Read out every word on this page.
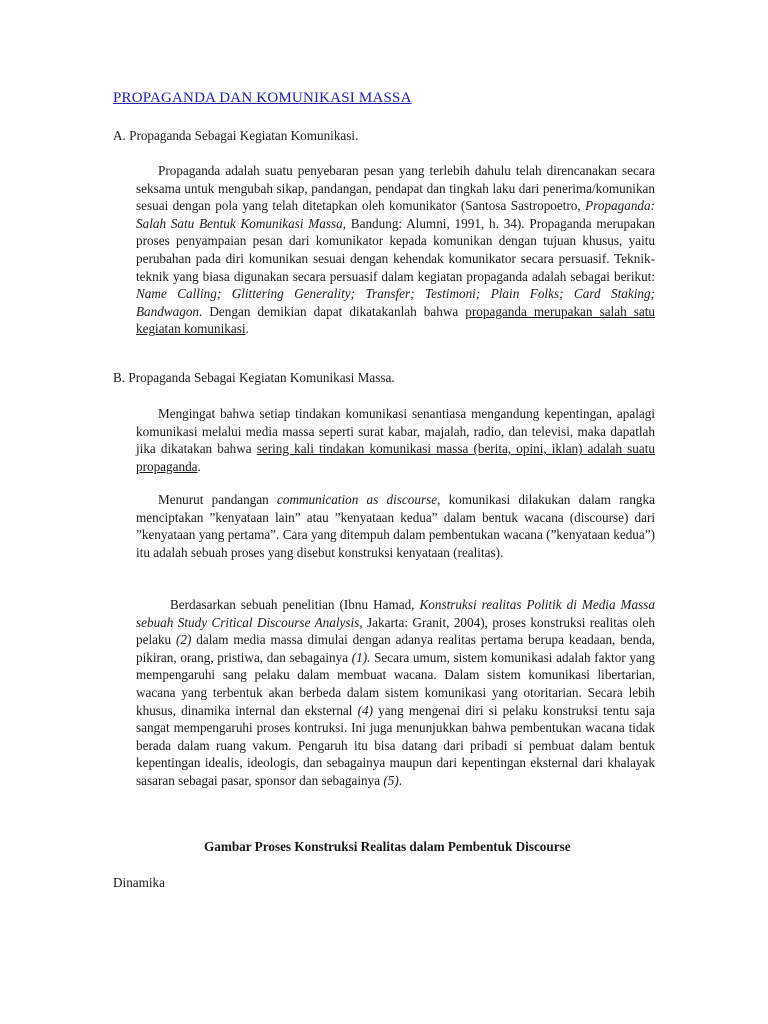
PROPAGANDA DAN KOMUNIKASI MASSA
A. Propaganda Sebagai Kegiatan Komunikasi.

Propaganda adalah suatu penyebaran pesan yang terlebih dahulu telah direncanakan secara seksama untuk mengubah sikap, pandangan, pendapat dan tingkah laku dari penerima/komunikan sesuai dengan pola yang telah ditetapkan oleh komunikator (Santosa Sastropoetro, Propaganda: Salah Satu Bentuk Komunikasi Massa, Bandung: Alumni, 1991, h. 34). Propaganda merupakan proses penyampaian pesan dari komunikator kepada komunikan dengan tujuan khusus, yaitu perubahan pada diri komunikan sesuai dengan kehendak komunikator secara persuasif. Teknik-teknik yang biasa digunakan secara persuasif dalam kegiatan propaganda adalah sebagai berikut: Name Calling; Glittering Generality; Transfer; Testimoni; Plain Folks; Card Staking; Bandwagon. Dengan demikian dapat dikatakanlah bahwa propaganda merupakan salah satu kegiatan komunikasi.

B. Propaganda Sebagai Kegiatan Komunikasi Massa.

Mengingat bahwa setiap tindakan komunikasi senantiasa mengandung kepentingan, apalagi komunikasi melalui media massa seperti surat kabar, majalah, radio, dan televisi, maka dapatlah jika dikatakan bahwa sering kali tindakan komunikasi massa (berita, opini, iklan) adalah suatu propaganda.

Menurut pandangan communication as discourse, komunikasi dilakukan dalam rangka menciptakan ”kenyataan lain” atau ”kenyataan kedua” dalam bentuk wacana (discourse) dari ”kenyataan yang pertama”. Cara yang ditempuh dalam pembentukan wacana (”kenyataan kedua”) itu adalah sebuah proses yang disebut konstruksi kenyataan (realitas).

Berdasarkan sebuah penelitian (Ibnu Hamad, Konstruksi realitas Politik di Media Massa sebuah Study Critical Discourse Analysis, Jakarta: Granit, 2004), proses konstruksi realitas oleh pelaku (2) dalam media massa dimulai dengan adanya realitas pertama berupa keadaan, benda, pikiran, orang, pristiwa, dan sebagainya (1). Secara umum, sistem komunikasi adalah faktor yang mempengaruhi sang pelaku dalam membuat wacana. Dalam sistem komunikasi libertarian, wacana yang terbentuk akan berbeda dalam sistem komunikasi yang otoritarian. Secara lebih khusus, dinamika internal dan eksternal (4) yang mengenai diri si pelaku konstruksi tentu saja sangat mempengaruhi proses kontruksi. Ini juga menunjukkan bahwa pembentukan wacana tidak berada dalam ruang vakum. Pengaruh itu bisa datang dari pribadi si pembuat dalam bentuk kepentingan idealis, ideologis, dan sebagainya maupun dari kepentingan eksternal dari khalayak sasaran sebagai pasar, sponsor dan sebagainya (5).

Gambar Proses Konstruksi Realitas dalam Pembentuk Discourse
Dinamika
